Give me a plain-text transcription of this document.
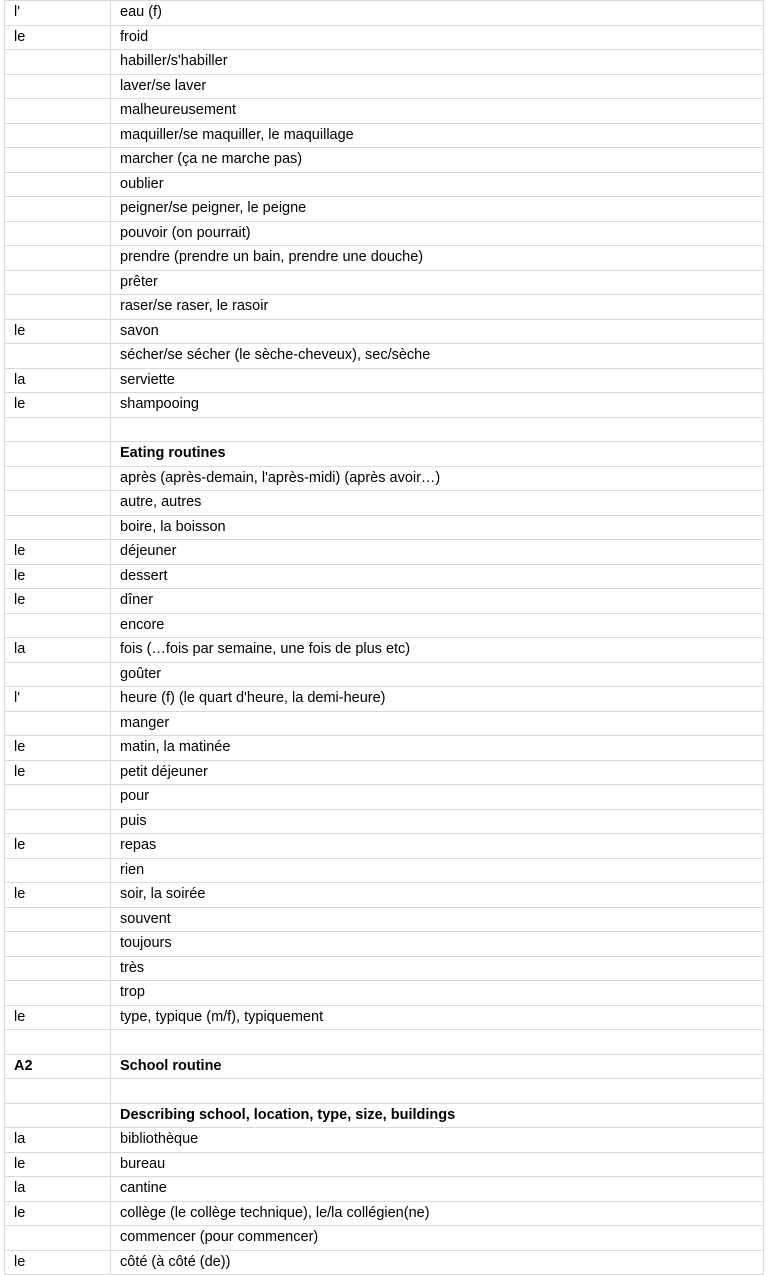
l'	eau (f)
le	froid
	habiller/s'habiller
	laver/se laver
	malheureusement
	maquiller/se maquiller, le maquillage
	marcher (ça ne marche pas)
	oublier
	peigner/se peigner, le peigne
	pouvoir (on pourrait)
	prendre (prendre un bain, prendre une douche)
	prêter
	raser/se raser, le rasoir
le	savon
	sécher/se sécher (le sèche-cheveux), sec/sèche
la	serviette
le	shampooing

	Eating routines
	après (après-demain, l'après-midi) (après avoir…)
	autre, autres
	boire, la boisson
le	déjeuner
le	dessert
le	dîner
	encore
la	fois (…fois par semaine, une fois de plus etc)
	goûter
l'	heure (f) (le quart d'heure, la demi-heure)
	manger
le	matin, la matinée
le	petit déjeuner
	pour
	puis
le	repas
	rien
le	soir, la soirée
	souvent
	toujours
	très
	trop
le	type, typique (m/f), typiquement

A2	School routine

	Describing school, location, type, size, buildings
la	bibliothèque
le	bureau
la	cantine
le	collège (le collège technique), le/la collégien(ne)
	commencer (pour commencer)
le	côté (à côté (de))
